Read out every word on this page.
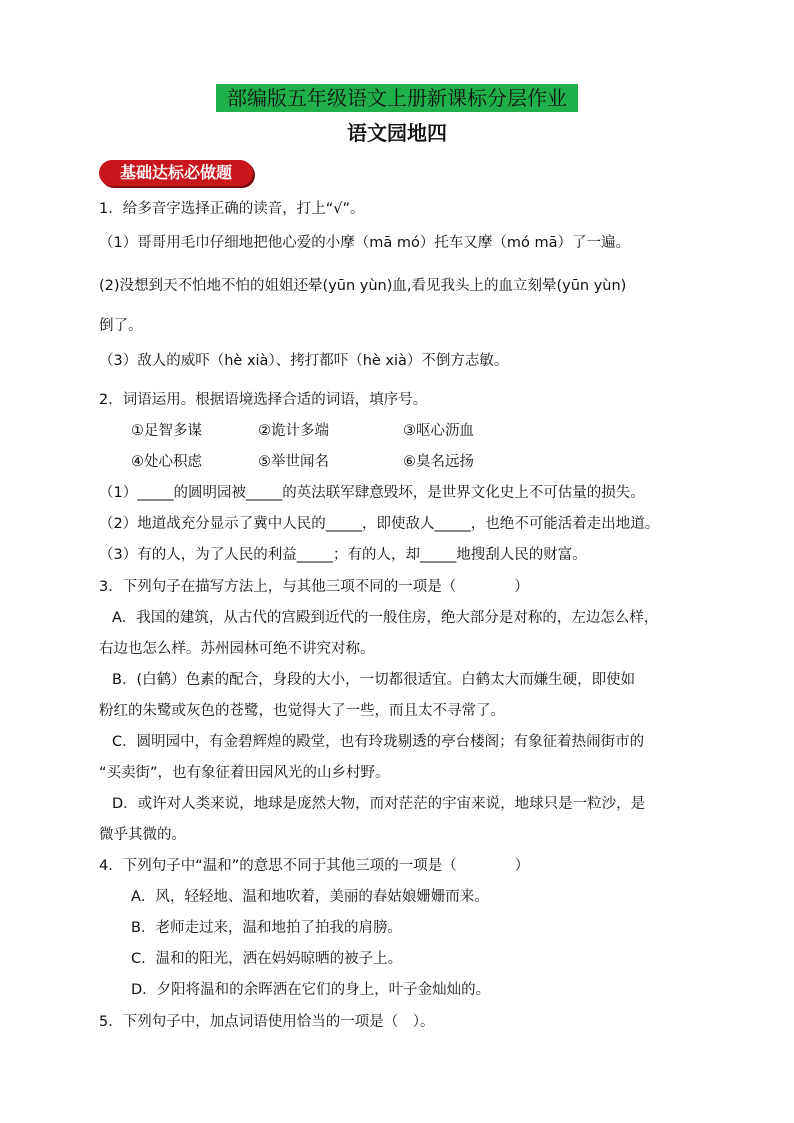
部编版五年级语文上册新课标分层作业
语文园地四
基础达标必做题
1．给多音字选择正确的读音，打上“√”。
（1）哥哥用毛巾仔细地把他心爱的小摩（mā mó）托车又摩（mó mā）了一遍。
(2)没想到天不怕地不怕的姐姐还晕(yūn yùn)血,看见我头上的血立刻晕(yūn yùn)
倒了。
（3）敌人的威吓（hè xià）、拷打都吓（hè xià）不倒方志敏。
2．词语运用。根据语境选择合适的词语，填序号。
①足智多谋	②诡计多端	③呕心沥血
④处心积虑	⑤举世闻名	⑥臭名远扬
（1）_____的圆明园被_____的英法联军肆意毁坏，是世界文化史上不可估量的损失。
（2）地道战充分显示了冀中人民的_____，即使敌人_____，也绝不可能活着走出地道。
（3）有的人，为了人民的利益_____；有的人，却_____地搜刮人民的财富。
3．下列句子在描写方法上，与其他三项不同的一项是（　　　　）
A．我国的建筑，从古代的宫殿到近代的一般住房，绝大部分是对称的，左边怎么样，
右边也怎么样。苏州园林可绝不讲究对称。
B．(白鹤）色素的配合，身段的大小，一切都很适宜。白鹤太大而嫌生硬，即使如
粉红的朱鹭或灰色的苍鹭，也觉得大了一些，而且太不寻常了。
C．圆明园中，有金碧辉煌的殿堂，也有玲珑剔透的亭台楼阁；有象征着热闹街市的
“买卖街”，也有象征着田园风光的山乡村野。
D．或许对人类来说，地球是庞然大物，而对茫茫的宇宙来说，地球只是一粒沙，是
微乎其微的。
4．下列句子中“温和”的意思不同于其他三项的一项是（　　　　）
A．风，轻轻地、温和地吹着，美丽的春姑娘姗姗而来。
B．老师走过来，温和地拍了拍我的肩膀。
C．温和的阳光，洒在妈妈晾晒的被子上。
D．夕阳将温和的余晖洒在它们的身上，叶子金灿灿的。
5．下列句子中，加点词语使用恰当的一项是（　）。
